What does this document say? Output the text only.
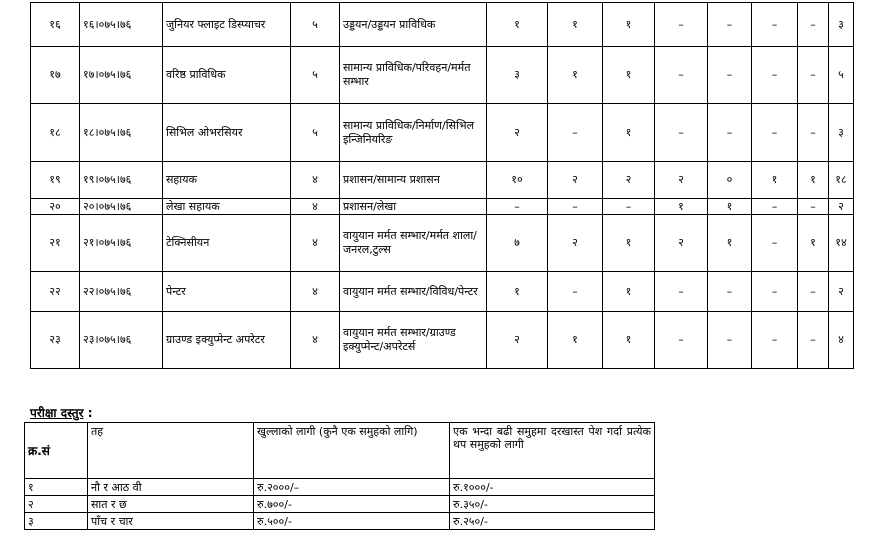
१६	१६।०७५।७६	जुनियर फ्लाइट डिस्प्याचर	५	उड्डयन/उड्डयन प्राविधिक	१	१	१	–	–	–	–	३
१७	१७।०७५।७६	वरिष्ठ प्राविधिक	५	सामान्य प्राविधिक/परिवहन/मर्मत सम्भार	३	१	१	–	–	–	–	५
१८	१८।०७५।७६	सिभिल ओभरसियर	५	सामान्य प्राविधिक/निर्माण/सिभिल इन्जिनियरिङ	२	–	१	–	–	–	–	३
१९	१९।०७५।७६	सहायक	४	प्रशासन/सामान्य प्रशासन	१०	२	२	२	०	१	१	१८
२०	२०।०७५।७६	लेखा सहायक	४	प्रशासन/लेखा	–	–	–	१	१	–	–	२
२१	२१।०७५।७६	टेक्निसीयन	४	वायुयान मर्मत सम्भार/मर्मत शाला/जनरल,टुल्स	७	२	१	२	१	–	१	१४
२२	२२।०७५।७६	पेन्टर	४	वायुयान मर्मत सम्भार/विविध/पेन्टर	१	–	१	–	–	–	–	२
२३	२३।०७५।७६	ग्राउण्ड इक्युप्मेन्ट अपरेटर	४	वायुयान मर्मत सम्भार/ग्राउण्ड इक्युप्मेन्ट/अपरेटर्स	२	१	१	–	–	–	–	४
परीक्षा दस्तुर :
क्र.सं	तह	खुल्लाको लागी (कुनै एक समुहको लागि)	एक भन्दा बढी समुहमा दरखास्त पेश गर्दा प्रत्येक थप समुहको लागी
१	नौ र आठ वी	रु.२०००/–	रु.१०००/-
२	सात र छ	रु.७००/-	रु.३५०/-
३	पाँच र चार	रु.५००/-	रु.२५०/-
